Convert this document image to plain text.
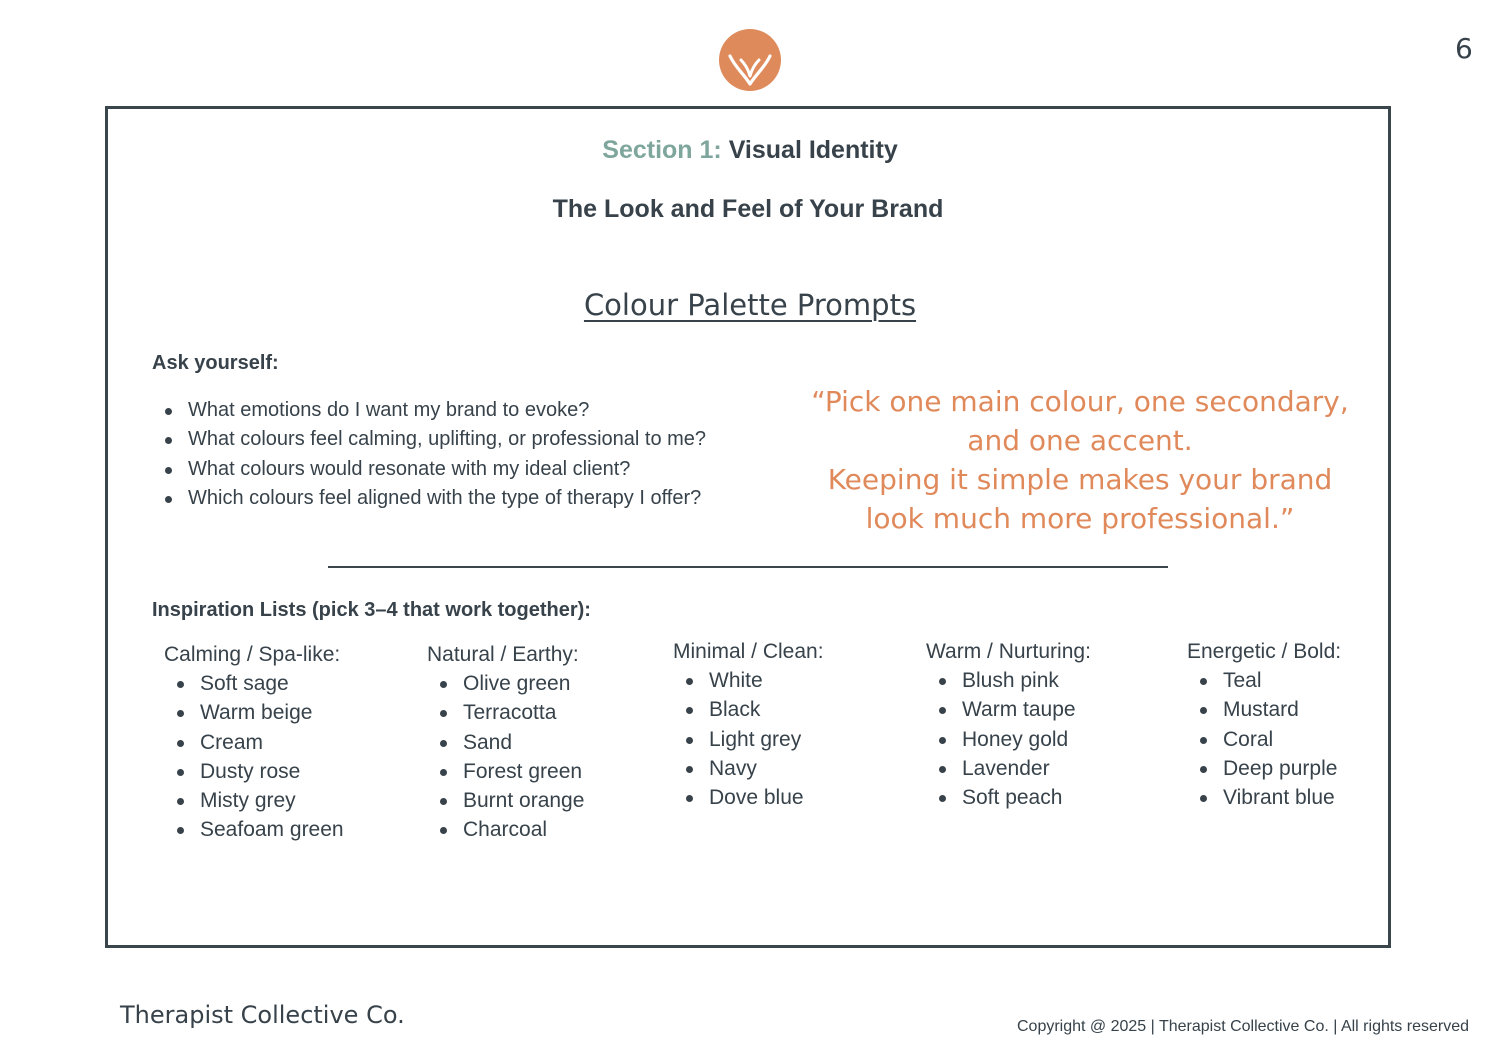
6
Section 1: Visual Identity
The Look and Feel of Your Brand
Colour Palette Prompts
Ask yourself:
What emotions do I want my brand to evoke?
What colours feel calming, uplifting, or professional to me?
What colours would resonate with my ideal client?
Which colours feel aligned with the type of therapy I offer?
“Pick one main colour, one secondary,
and one accent.
Keeping it simple makes your brand
look much more professional.”
Inspiration Lists (pick 3–4 that work together):
Calming / Spa-like:
Soft sage
Warm beige
Cream
Dusty rose
Misty grey
Seafoam green
Natural / Earthy:
Olive green
Terracotta
Sand
Forest green
Burnt orange
Charcoal
Minimal / Clean:
White
Black
Light grey
Navy
Dove blue
Warm / Nurturing:
Blush pink
Warm taupe
Honey gold
Lavender
Soft peach
Energetic / Bold:
Teal
Mustard
Coral
Deep purple
Vibrant blue
Therapist Collective Co.	Copyright @ 2025 | Therapist Collective Co. | All rights reserved
